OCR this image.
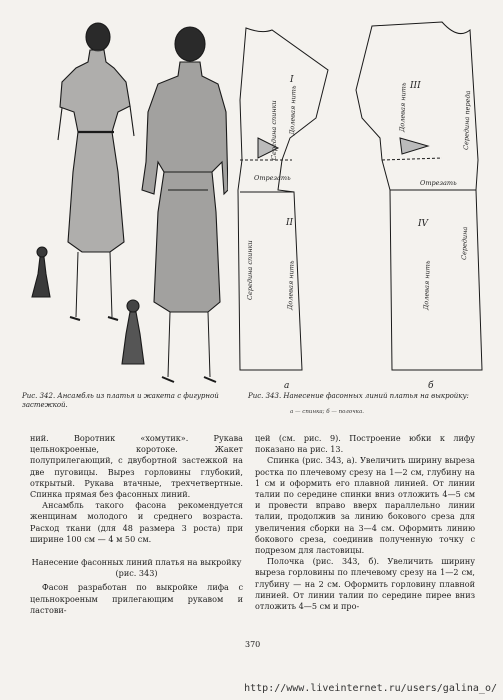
I
II
III
IV
Долевая нить
Долевая нить
Отрезать
Середина спинки
Середина спинки	Долевая нить
Долевая нить
Отрезать
Середина
Середина переда
а	б
Рис. 342. Ансамбль из платья и жакета с фигурной застежкой.
Рис. 343. Нанесение фасонных линий платья на выкройку:
а — спинка; б — полочка.

ний. Воротник «хомутик». Рукава цельнокроеные, коротоке. Жакет полуприлегающий, с двубортной застежкой на две пуговицы. Вырез горловины глубокий, открытый. Рукава втачные, трехчетвертные. Спинка прямая без фасонных линий.

Ансамбль такого фасона рекомендуется женщинам молодого и среднего возраста. Расход ткани (для 48 размера 3 роста) при ширине 100 см — 4 м 50 см.

Нанесение фасонных линий платья на выкройку (рис. 343)

Фасон разработан по выкройке лифа с цельнокроеным прилегающим рукавом и ластови-

цей (см. рис. 9). Построение юбки к лифу показано на рис. 13.

Спинка (рис. 343, а). Увеличить ширину выреза ростка по плечевому срезу на 1—2 см, глубину на 1 см и оформить его плавной линией. От линии талии по середине спинки вниз отложить 4—5 см и провести вправо вверх параллельно линии талии, продолжив за линию бокового среза для увеличения сборки на 3—4 см. Оформить линию бокового среза, соединив полученную точку с подрезом для ластовицы.

Полочка (рис. 343, б). Увеличить ширину выреза горловины по плечевому срезу на 1—2 см, глубину — на 2 см. Оформить горловину плавной линией. От линии талии по середине пирее вниз отложить 4—5 см и про-

370
http://www.liveinternet.ru/users/galina_o/
